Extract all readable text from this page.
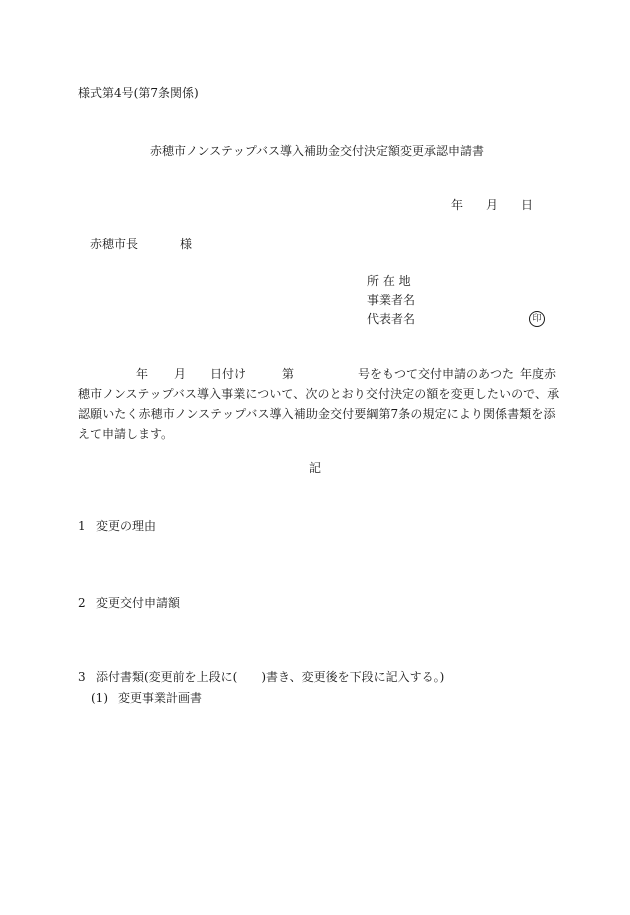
様式第4号(第7条関係)
赤穂市ノンステップバス導入補助金交付決定額変更承認申請書
年 月 日
赤穂市長	様
所 在 地
事業者名
代表者名	印
年 月 日付け	第	号をもつて交付申請のあつた 年度赤
穂市ノンステップバス導入事業について、次のとおり交付決定の額を変更したいので、承
認願いたく赤穂市ノンステップバス導入補助金交付要綱第7条の規定により関係書類を添
えて申請します。
記
1 変更の理由
2 変更交付申請額
3 添付書類(変更前を上段に(　　)書き、変更後を下段に記入する。)
(1) 変更事業計画書
